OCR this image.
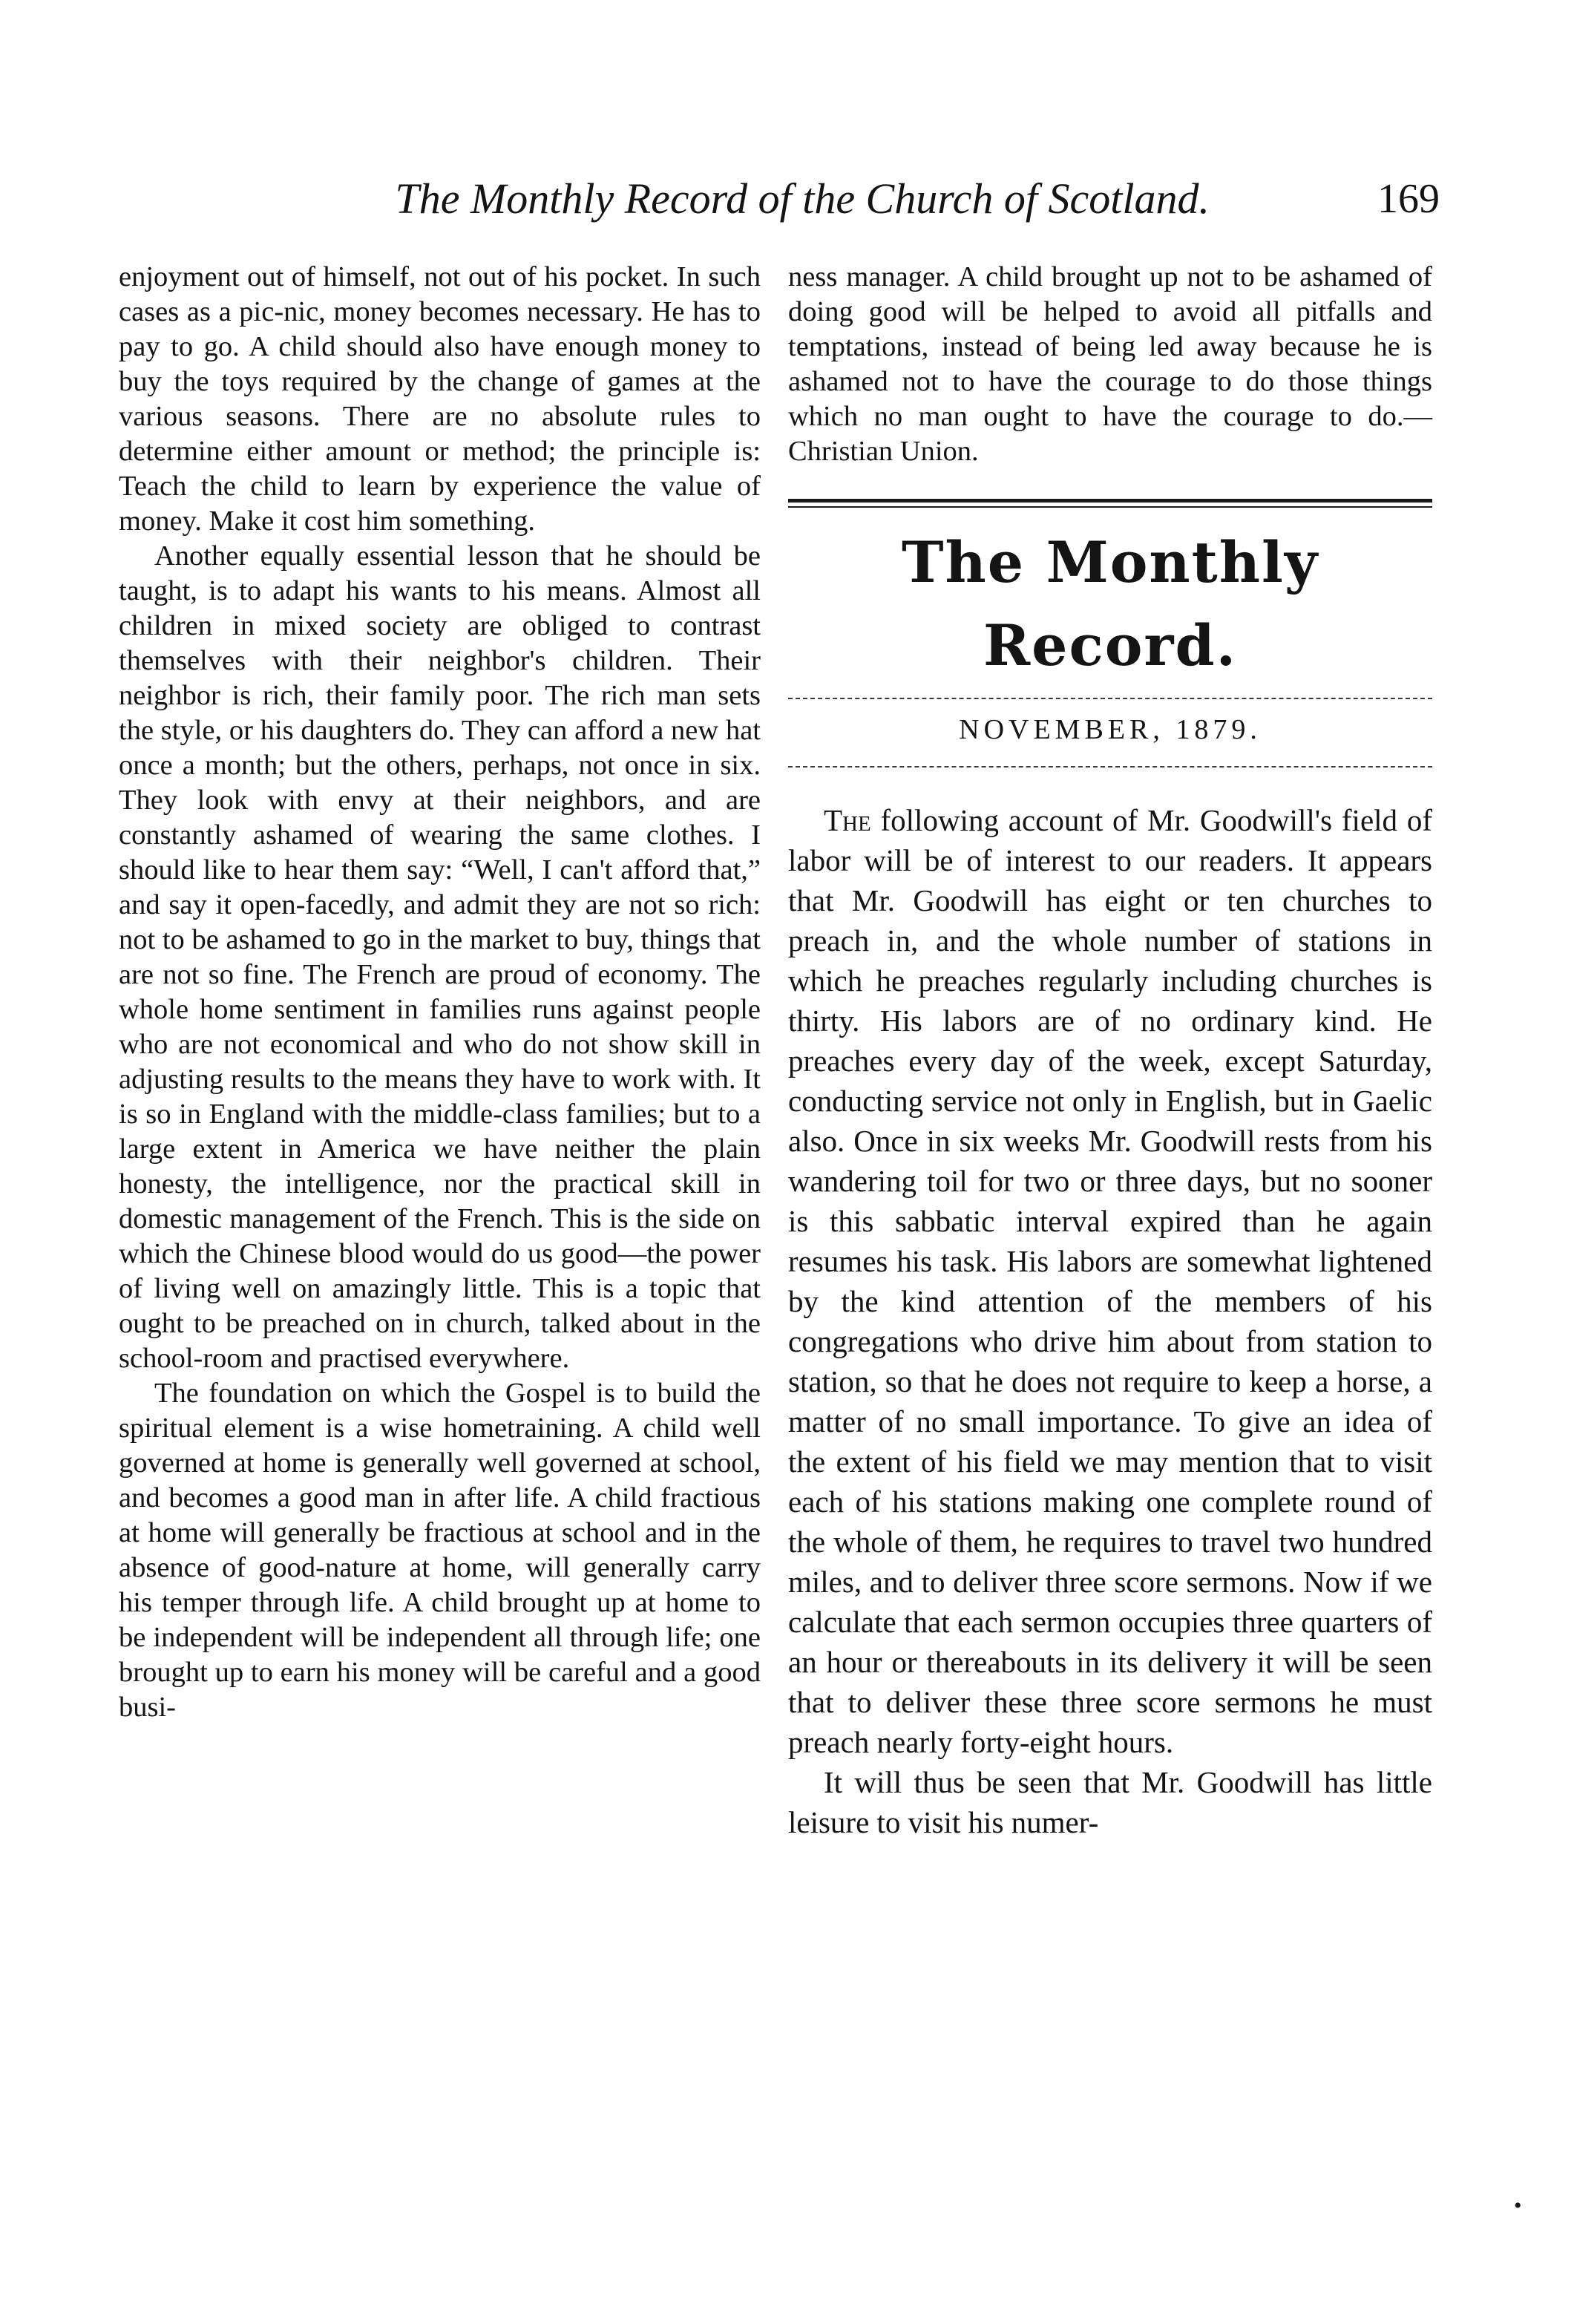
The Monthly Record of the Church of Scotland.	169

enjoyment out of himself, not out of his pocket. In such cases as a pic-nic, money becomes necessary. He has to pay to go. A child should also have enough money to buy the toys required by the change of games at the various seasons. There are no absolute rules to determine either amount or method; the principle is: Teach the child to learn by experience the value of money. Make it cost him something.

Another equally essential lesson that he should be taught, is to adapt his wants to his means. Almost all children in mixed society are obliged to contrast themselves with their neighbor's children. Their neighbor is rich, their family poor. The rich man sets the style, or his daughters do. They can afford a new hat once a month; but the others, perhaps, not once in six. They look with envy at their neighbors, and are constantly ashamed of wearing the same clothes. I should like to hear them say: “Well, I can't afford that,” and say it open-facedly, and admit they are not so rich: not to be ashamed to go in the market to buy, things that are not so fine. The French are proud of economy. The whole home sentiment in families runs against people who are not economical and who do not show skill in adjusting results to the means they have to work with. It is so in England with the middle-class families; but to a large extent in America we have neither the plain honesty, the intelligence, nor the practical skill in domestic management of the French. This is the side on which the Chinese blood would do us good—the power of living well on amazingly little. This is a topic that ought to be preached on in church, talked about in the school-room and practised everywhere.

The foundation on which the Gospel is to build the spiritual element is a wise hometraining. A child well governed at home is generally well governed at school, and becomes a good man in after life. A child fractious at home will generally be fractious at school and in the absence of good-nature at home, will generally carry his temper through life. A child brought up at home to be independent will be independent all through life; one brought up to earn his money will be careful and a good busi-

ness manager. A child brought up not to be ashamed of doing good will be helped to avoid all pitfalls and temptations, instead of being led away because he is ashamed not to have the courage to do those things which no man ought to have the courage to do.—Christian Union.

The Monthly Record.
NOVEMBER, 1879.

The following account of Mr. Goodwill's field of labor will be of interest to our readers. It appears that Mr. Goodwill has eight or ten churches to preach in, and the whole number of stations in which he preaches regularly including churches is thirty. His labors are of no ordinary kind. He preaches every day of the week, except Saturday, conducting service not only in English, but in Gaelic also. Once in six weeks Mr. Goodwill rests from his wandering toil for two or three days, but no sooner is this sabbatic interval expired than he again resumes his task. His labors are somewhat lightened by the kind attention of the members of his congregations who drive him about from station to station, so that he does not require to keep a horse, a matter of no small importance. To give an idea of the extent of his field we may mention that to visit each of his stations making one complete round of the whole of them, he requires to travel two hundred miles, and to deliver three score sermons. Now if we calculate that each sermon occupies three quarters of an hour or thereabouts in its delivery it will be seen that to deliver these three score sermons he must preach nearly forty-eight hours.

It will thus be seen that Mr. Goodwill has little leisure to visit his numer-

•
